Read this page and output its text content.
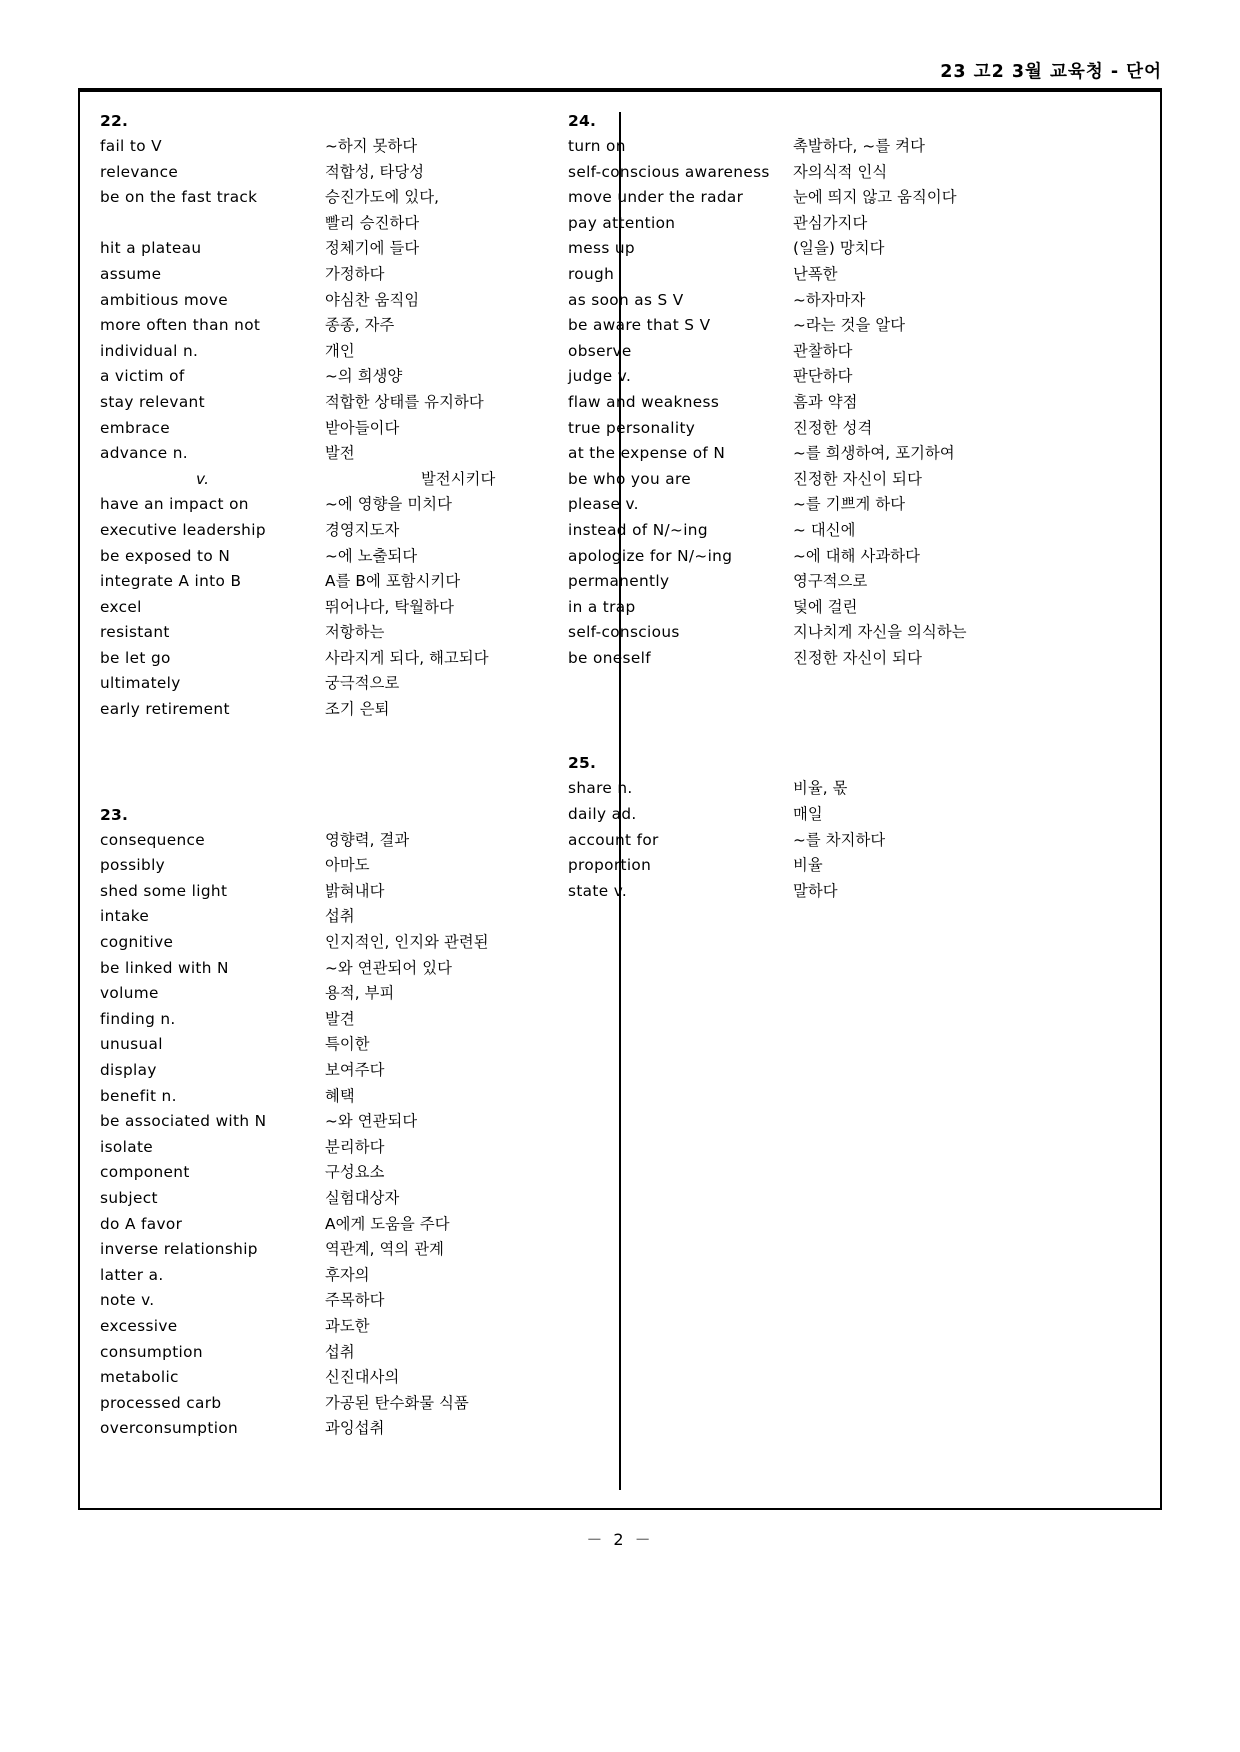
23 고2 3월 교육청 - 단어
22.
fail to V	~하지 못하다
relevance	적합성, 타당성
be on the fast track	승진가도에 있다,
빨리 승진하다
hit a plateau	정체기에 들다
assume	가정하다
ambitious move	야심찬 움직임
more often than not	종종, 자주
individual n.	개인
a victim of	~의 희생양
stay relevant	적합한 상태를 유지하다
embrace	받아들이다
advance n.	발전
v.	발전시키다
have an impact on	~에 영향을 미치다
executive leadership	경영지도자
be exposed to N	~에 노출되다
integrate A into B	A를 B에 포함시키다
excel	뛰어나다, 탁월하다
resistant	저항하는
be let go	사라지게 되다, 해고되다
ultimately	궁극적으로
early retirement	조기 은퇴
23.
consequence	영향력, 결과
possibly	아마도
shed some light	밝혀내다
intake	섭취
cognitive	인지적인, 인지와 관련된
be linked with N	~와 연관되어 있다
volume	용적, 부피
finding n.	발견
unusual	특이한
display	보여주다
benefit n.	혜택
be associated with N	~와 연관되다
isolate	분리하다
component	구성요소
subject	실험대상자
do A favor	A에게 도움을 주다
inverse relationship	역관계, 역의 관계
latter a.	후자의
note v.	주목하다
excessive	과도한
consumption	섭취
metabolic	신진대사의
processed carb	가공된 탄수화물 식품
overconsumption	과잉섭취
24.
turn on	촉발하다, ~를 켜다
self-conscious awareness	자의식적 인식
move under the radar	눈에 띄지 않고 움직이다
pay attention	관심가지다
mess up	(일을) 망치다
rough	난폭한
as soon as S V	~하자마자
be aware that S V	~라는 것을 알다
observe	관찰하다
judge v.	판단하다
flaw and weakness	흠과 약점
true personality	진정한 성격
at the expense of N	~를 희생하여, 포기하여
be who you are	진정한 자신이 되다
please v.	~를 기쁘게 하다
instead of N/~ing	~ 대신에
apologize for N/~ing	~에 대해 사과하다
permanently	영구적으로
in a trap	덫에 걸린
self-conscious	지나치게 자신을 의식하는
be oneself	진정한 자신이 되다
25.
share n.	비율, 몫
daily ad.	매일
account for	~를 차지하다
proportion	비율
state v.	말하다
－ 2 －
